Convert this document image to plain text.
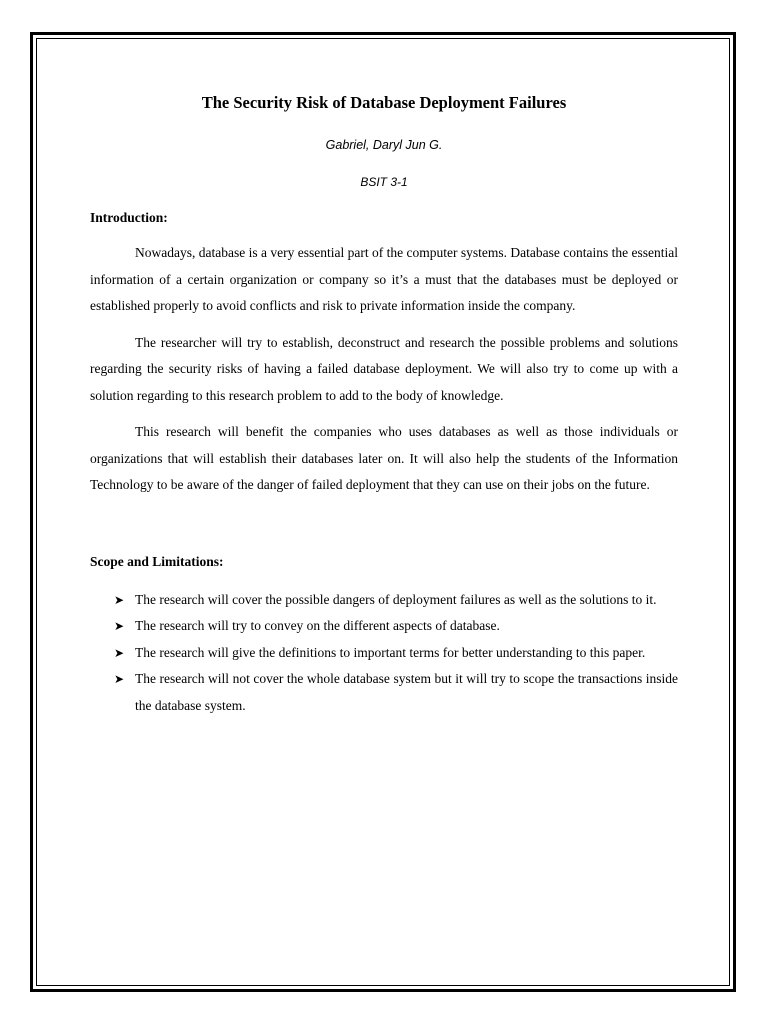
The Security Risk of Database Deployment Failures
Gabriel, Daryl Jun G.
BSIT 3-1
Introduction:

Nowadays, database is a very essential part of the computer systems. Database contains the essential information of a certain organization or company so it’s a must that the databases must be deployed or established properly to avoid conflicts and risk to private information inside the company.

The researcher will try to establish, deconstruct and research the possible problems and solutions regarding the security risks of having a failed database deployment. We will also try to come up with a solution regarding to this research problem to add to the body of knowledge.

This research will benefit the companies who uses databases as well as those individuals or organizations that will establish their databases later on. It will also help the students of the Information Technology to be aware of the danger of failed deployment that they can use on their jobs on the future.

Scope and Limitations:
➤ The research will cover the possible dangers of deployment failures as well as the solutions to it.
➤ The research will try to convey on the different aspects of database.
➤ The research will give the definitions to important terms for better understanding to this paper.
➤ The research will not cover the whole database system but it will try to scope the transactions inside the database system.
